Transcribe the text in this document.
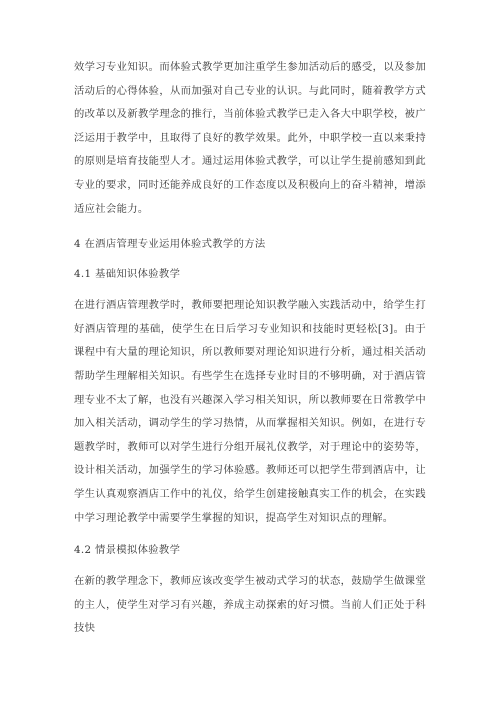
效学习专业知识。而体验式教学更加注重学生参加活动后的感受，以及参加活动后的心得体验，从而加强对自己专业的认识。与此同时，随着教学方式的改革以及新教学理念的推行，当前体验式教学已走入各大中职学校，被广泛运用于教学中，且取得了良好的教学效果。此外，中职学校一直以来秉持的原则是培育技能型人才。通过运用体验式教学，可以让学生提前感知到此专业的要求，同时还能养成良好的工作态度以及积极向上的奋斗精神，增添适应社会能力。

4 在酒店管理专业运用体验式教学的方法
4.1 基础知识体验教学

在进行酒店管理教学时，教师要把理论知识教学融入实践活动中，给学生打好酒店管理的基础，使学生在日后学习专业知识和技能时更轻松[3]。由于课程中有大量的理论知识，所以教师要对理论知识进行分析，通过相关活动帮助学生理解相关知识。有些学生在选择专业时目的不够明确，对于酒店管理专业不太了解，也没有兴趣深入学习相关知识，所以教师要在日常教学中加入相关活动，调动学生的学习热情，从而掌握相关知识。例如，在进行专题教学时，教师可以对学生进行分组开展礼仪教学，对于理论中的姿势等，设计相关活动，加强学生的学习体验感。教师还可以把学生带到酒店中，让学生认真观察酒店工作中的礼仪，给学生创建接触真实工作的机会，在实践中学习理论教学中需要学生掌握的知识，提高学生对知识点的理解。

4.2 情景模拟体验教学

在新的教学理念下，教师应该改变学生被动式学习的状态，鼓励学生做课堂的主人，使学生对学习有兴趣，养成主动探索的好习惯。当前人们正处于科技快
